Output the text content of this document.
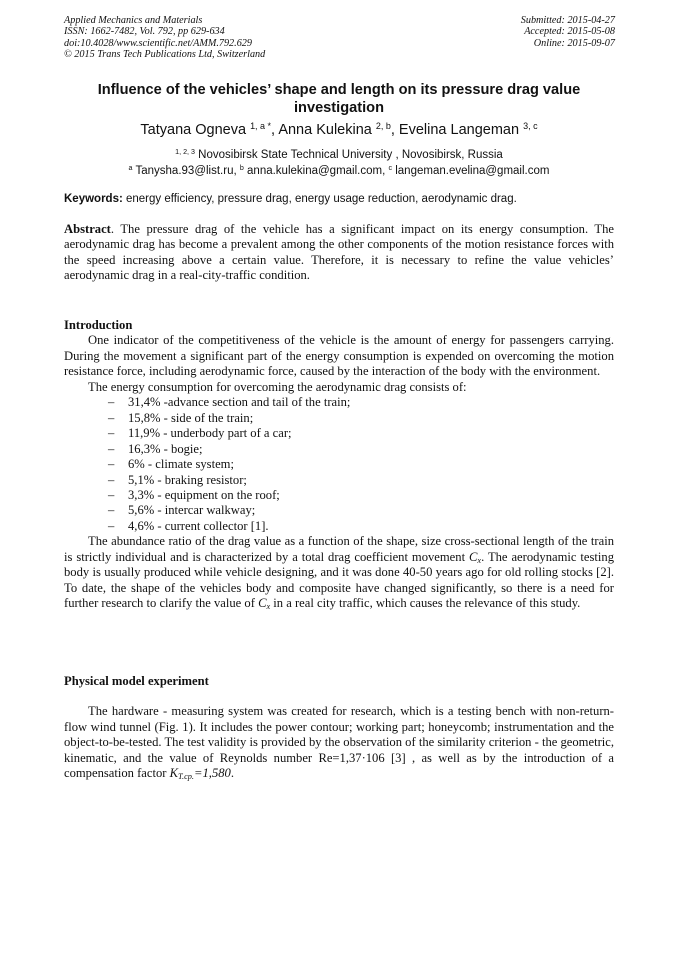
Applied Mechanics and Materials
ISSN: 1662-7482, Vol. 792, pp 629-634
doi:10.4028/www.scientific.net/AMM.792.629
© 2015 Trans Tech Publications Ltd, Switzerland
Submitted: 2015-04-27
Accepted: 2015-05-08
Online: 2015-09-07
Influence of the vehicles’ shape and length on its pressure drag value investigation
Tatyana Ogneva $^{1, a *}$, Anna Kulekina $^{2, b}$, Evelina Langeman $^{3, c}$
$^{1, 2, 3}$ Novosibirsk State Technical University , Novosibirsk, Russia
$^a$ Tanysha.93@list.ru, $^b$ anna.kulekina@gmail.com, $^c$ langeman.evelina@gmail.com
Keywords: energy efficiency, pressure drag, energy usage reduction, aerodynamic drag.

Abstract. The pressure drag of the vehicle has a significant impact on its energy consumption. The aerodynamic drag has become a prevalent among the other components of the motion resistance forces with the speed increasing above a certain value. Therefore, it is necessary to refine the value vehicles’ aerodynamic drag in a real-city-traffic condition.

Introduction

One indicator of the competitiveness of the vehicle is the amount of energy for passengers carrying. During the movement a significant part of the energy consumption is expended on overcoming the motion resistance force, including aerodynamic force, caused by the interaction of the body with the environment.

The energy consumption for overcoming the aerodynamic drag consists of:

– 31,4% -advance section and tail of the train;
– 15,8% - side of the train;
– 11,9% - underbody part of a car;
– 16,3% - bogie;
– 6% - climate system;
– 5,1% - braking resistor;
– 3,3% - equipment on the roof;
– 5,6% - intercar walkway;
– 4,6% - current collector [1].

The abundance ratio of the drag value as a function of the shape, size cross-sectional length of the train is strictly individual and is characterized by a total drag coefficient movement $C_x$. The aerodynamic testing body is usually produced while vehicle designing, and it was done 40-50 years ago for old rolling stocks [2]. To date, the shape of the vehicles body and composite have changed significantly, so there is a need for further research to clarify the value of $C_x$ in a real city traffic, which causes the relevance of this study.

Physical model experiment

The hardware - measuring system was created for research, which is a testing bench with non-return-flow wind tunnel (Fig. 1). It includes the power contour; working part; honeycomb; instrumentation and the object-to-be-tested. The test validity is provided by the observation of the similarity criterion - the geometric, kinematic, and the value of Reynolds number Re=1,37·106 [3] , as well as by the introduction of a compensation factor $K_{T.cp.}=1,580$.
